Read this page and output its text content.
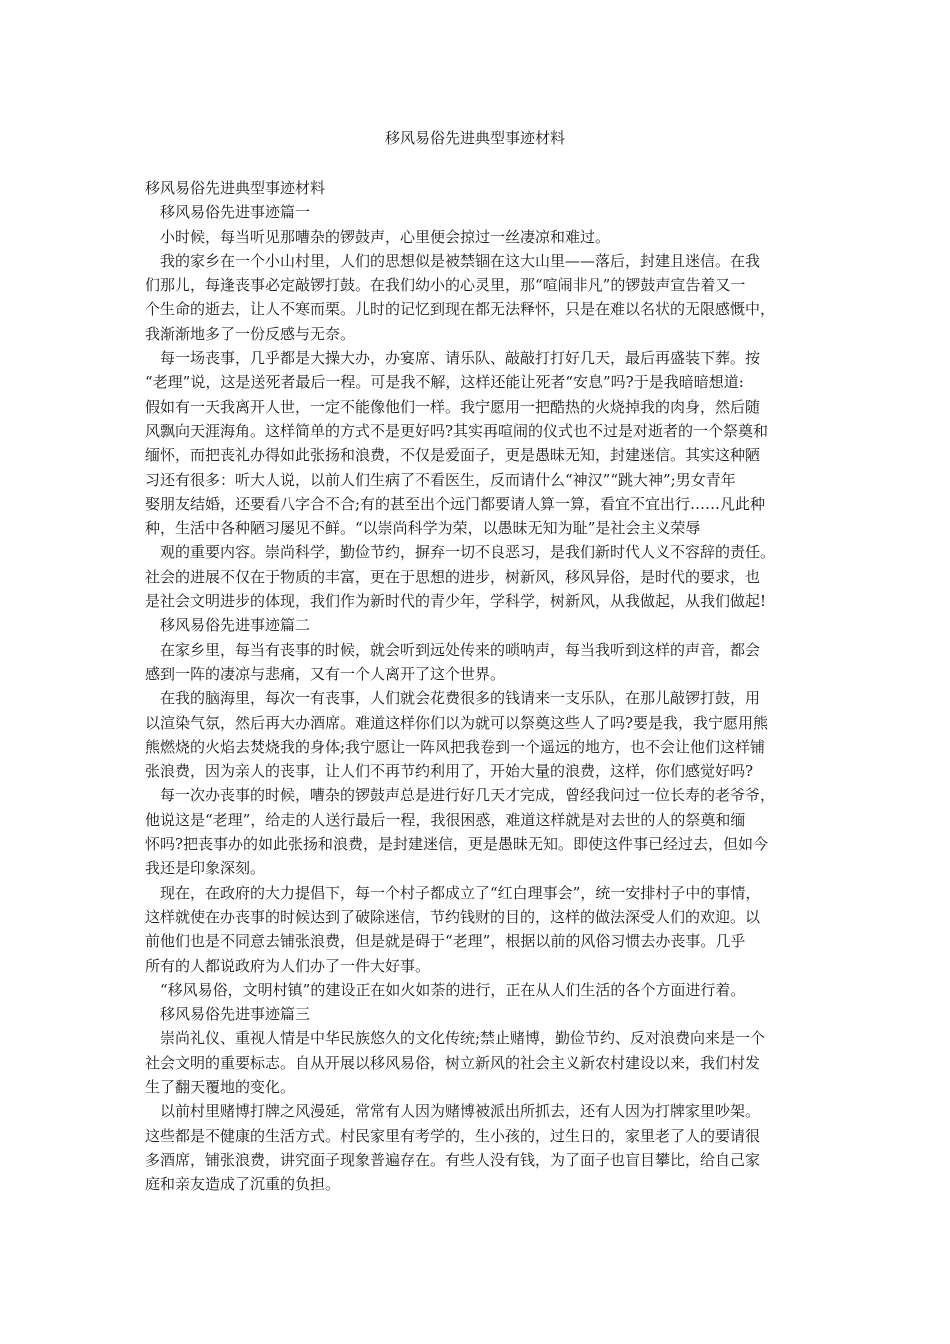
移风易俗先进典型事迹材料

移风易俗先进典型事迹材料

移风易俗先进事迹篇一

小时候，每当听见那嘈杂的锣鼓声，心里便会掠过一丝凄凉和难过。

我的家乡在一个小山村里，人们的思想似是被禁锢在这大山里——落后，封建且迷信。在我

们那儿，每逢丧事必定敲锣打鼓。在我们幼小的心灵里，那“喧闹非凡”的锣鼓声宣告着又一

个生命的逝去，让人不寒而栗。儿时的记忆到现在都无法释怀，只是在难以名状的无限感慨中，

我渐渐地多了一份反感与无奈。

每一场丧事，几乎都是大操大办，办宴席、请乐队、敲敲打打好几天，最后再盛装下葬。按

“老理”说，这是送死者最后一程。可是我不解，这样还能让死者“安息”吗?于是我暗暗想道:

假如有一天我离开人世，一定不能像他们一样。我宁愿用一把酷热的火烧掉我的肉身，然后随

风飘向天涯海角。这样简单的方式不是更好吗?其实再喧闹的仪式也不过是对逝者的一个祭奠和

缅怀，而把丧礼办得如此张扬和浪费，不仅是爱面子，更是愚昧无知，封建迷信。其实这种陋

习还有很多：听大人说，以前人们生病了不看医生，反而请什么“神汉”“跳大神”;男女青年

娶朋友结婚，还要看八字合不合;有的甚至出个远门都要请人算一算，看宜不宜出行……凡此种

种，生活中各种陋习屡见不鲜。“以崇尚科学为荣，以愚昧无知为耻”是社会主义荣辱

观的重要内容。崇尚科学，勤俭节约，摒弃一切不良恶习，是我们新时代人义不容辞的责任。

社会的进展不仅在于物质的丰富，更在于思想的进步，树新风，移风异俗，是时代的要求，也

是社会文明进步的体现，我们作为新时代的青少年，学科学，树新风，从我做起，从我们做起!

移风易俗先进事迹篇二

在家乡里，每当有丧事的时候，就会听到远处传来的唢呐声，每当我听到这样的声音，都会

感到一阵的凄凉与悲痛，又有一个人离开了这个世界。

在我的脑海里，每次一有丧事，人们就会花费很多的钱请来一支乐队，在那儿敲锣打鼓，用

以渲染气氛，然后再大办酒席。难道这样你们以为就可以祭奠这些人了吗?要是我，我宁愿用熊

熊燃烧的火焰去焚烧我的身体;我宁愿让一阵风把我卷到一个遥远的地方，也不会让他们这样铺

张浪费，因为亲人的丧事，让人们不再节约利用了，开始大量的浪费，这样，你们感觉好吗?

每一次办丧事的时候，嘈杂的锣鼓声总是进行好几天才完成，曾经我问过一位长寿的老爷爷，

他说这是“老理”，给走的人送行最后一程，我很困惑，难道这样就是对去世的人的祭奠和缅

怀吗?把丧事办的如此张扬和浪费，是封建迷信，更是愚昧无知。即使这件事已经过去，但如今

我还是印象深刻。

现在，在政府的大力提倡下，每一个村子都成立了“红白理事会”，统一安排村子中的事情，

这样就使在办丧事的时候达到了破除迷信，节约钱财的目的，这样的做法深受人们的欢迎。以

前他们也是不同意去铺张浪费，但是就是碍于“老理”，根据以前的风俗习惯去办丧事。几乎

所有的人都说政府为人们办了一件大好事。

“移风易俗，文明村镇”的建设正在如火如荼的进行，正在从人们生活的各个方面进行着。

移风易俗先进事迹篇三

崇尚礼仪、重视人情是中华民族悠久的文化传统;禁止赌博，勤俭节约、反对浪费向来是一个

社会文明的重要标志。自从开展以移风易俗，树立新风的社会主义新农村建设以来，我们村发

生了翻天覆地的变化。

以前村里赌博打牌之风漫延，常常有人因为赌博被派出所抓去，还有人因为打牌家里吵架。

这些都是不健康的生活方式。村民家里有考学的，生小孩的，过生日的，家里老了人的要请很

多酒席，铺张浪费，讲究面子现象普遍存在。有些人没有钱，为了面子也盲目攀比，给自己家

庭和亲友造成了沉重的负担。
